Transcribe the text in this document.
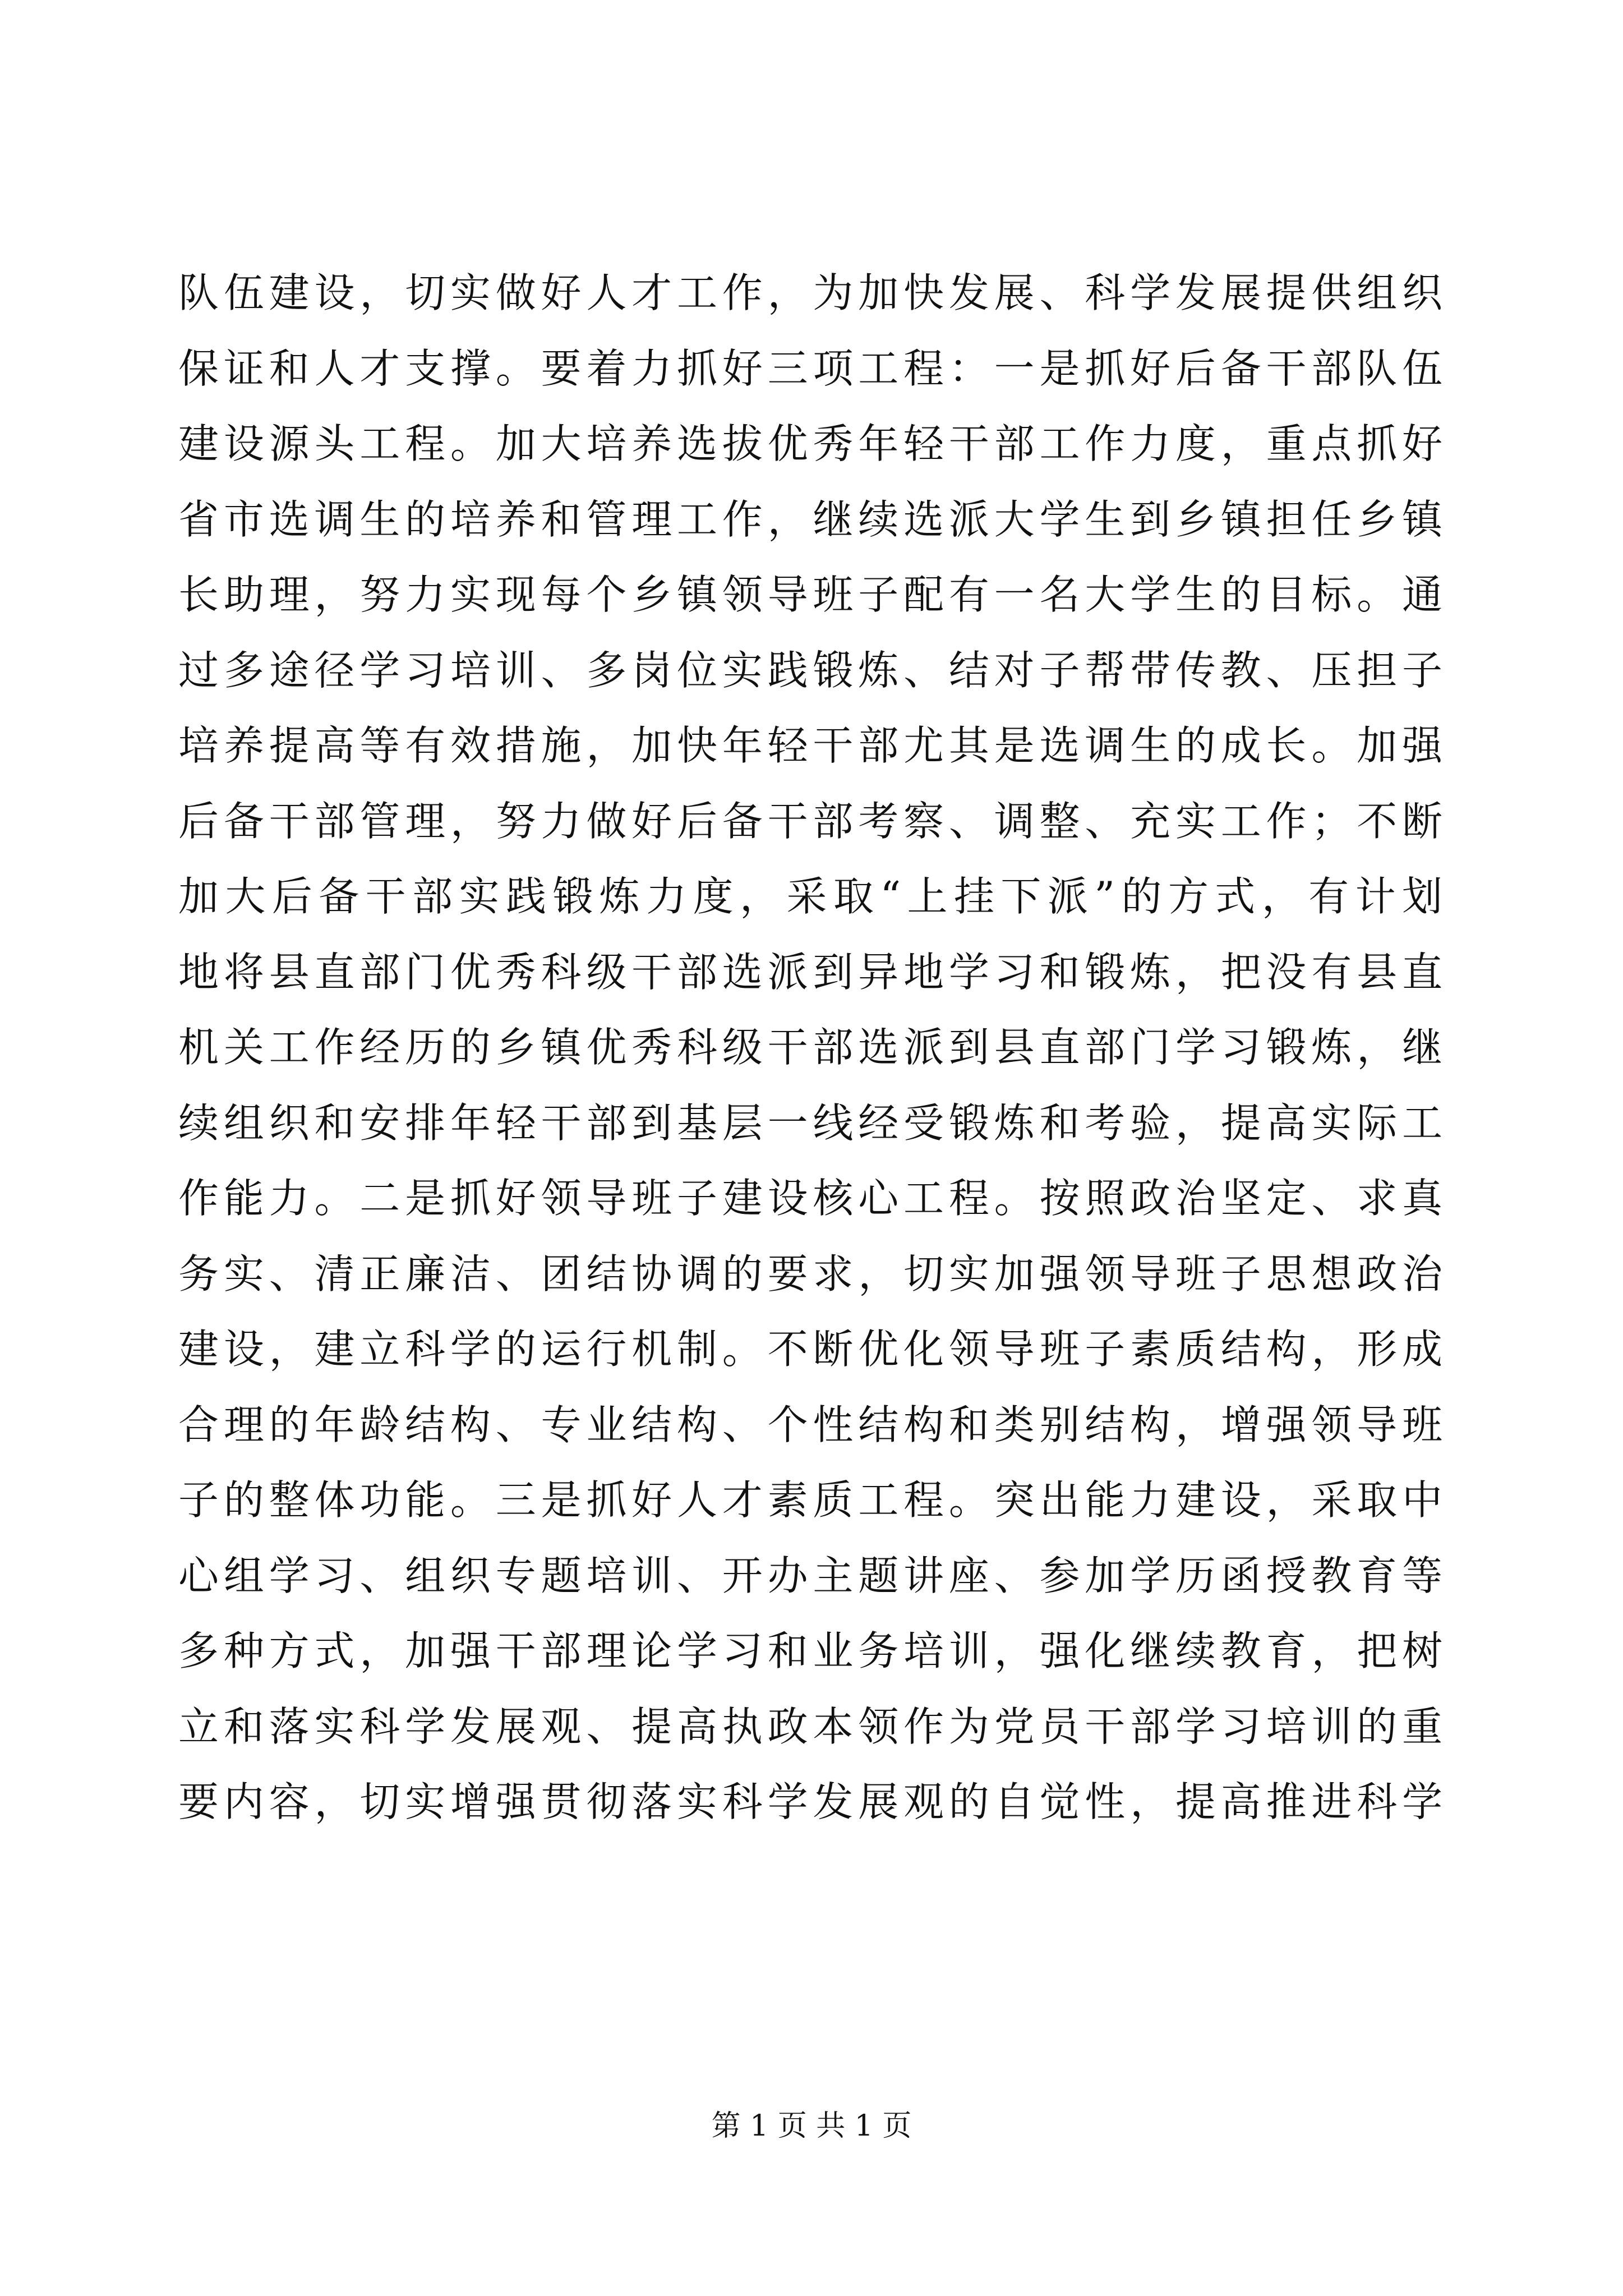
队伍建设，切实做好人才工作，为加快发展、科学发展提供组织
保证和人才支撑。要着力抓好三项工程：一是抓好后备干部队伍
建设源头工程。加大培养选拔优秀年轻干部工作力度，重点抓好
省市选调生的培养和管理工作，继续选派大学生到乡镇担任乡镇
长助理，努力实现每个乡镇领导班子配有一名大学生的目标。通
过多途径学习培训、多岗位实践锻炼、结对子帮带传教、压担子
培养提高等有效措施，加快年轻干部尤其是选调生的成长。加强
后备干部管理，努力做好后备干部考察、调整、充实工作；不断
加大后备干部实践锻炼力度，采取“上挂下派”的方式，有计划
地将县直部门优秀科级干部选派到异地学习和锻炼，把没有县直
机关工作经历的乡镇优秀科级干部选派到县直部门学习锻炼，继
续组织和安排年轻干部到基层一线经受锻炼和考验，提高实际工
作能力。二是抓好领导班子建设核心工程。按照政治坚定、求真
务实、清正廉洁、团结协调的要求，切实加强领导班子思想政治
建设，建立科学的运行机制。不断优化领导班子素质结构，形成
合理的年龄结构、专业结构、个性结构和类别结构，增强领导班
子的整体功能。三是抓好人才素质工程。突出能力建设，采取中
心组学习、组织专题培训、开办主题讲座、参加学历函授教育等
多种方式，加强干部理论学习和业务培训，强化继续教育，把树
立和落实科学发展观、提高执政本领作为党员干部学习培训的重
要内容，切实增强贯彻落实科学发展观的自觉性，提高推进科学
第 1 页 共 1 页
